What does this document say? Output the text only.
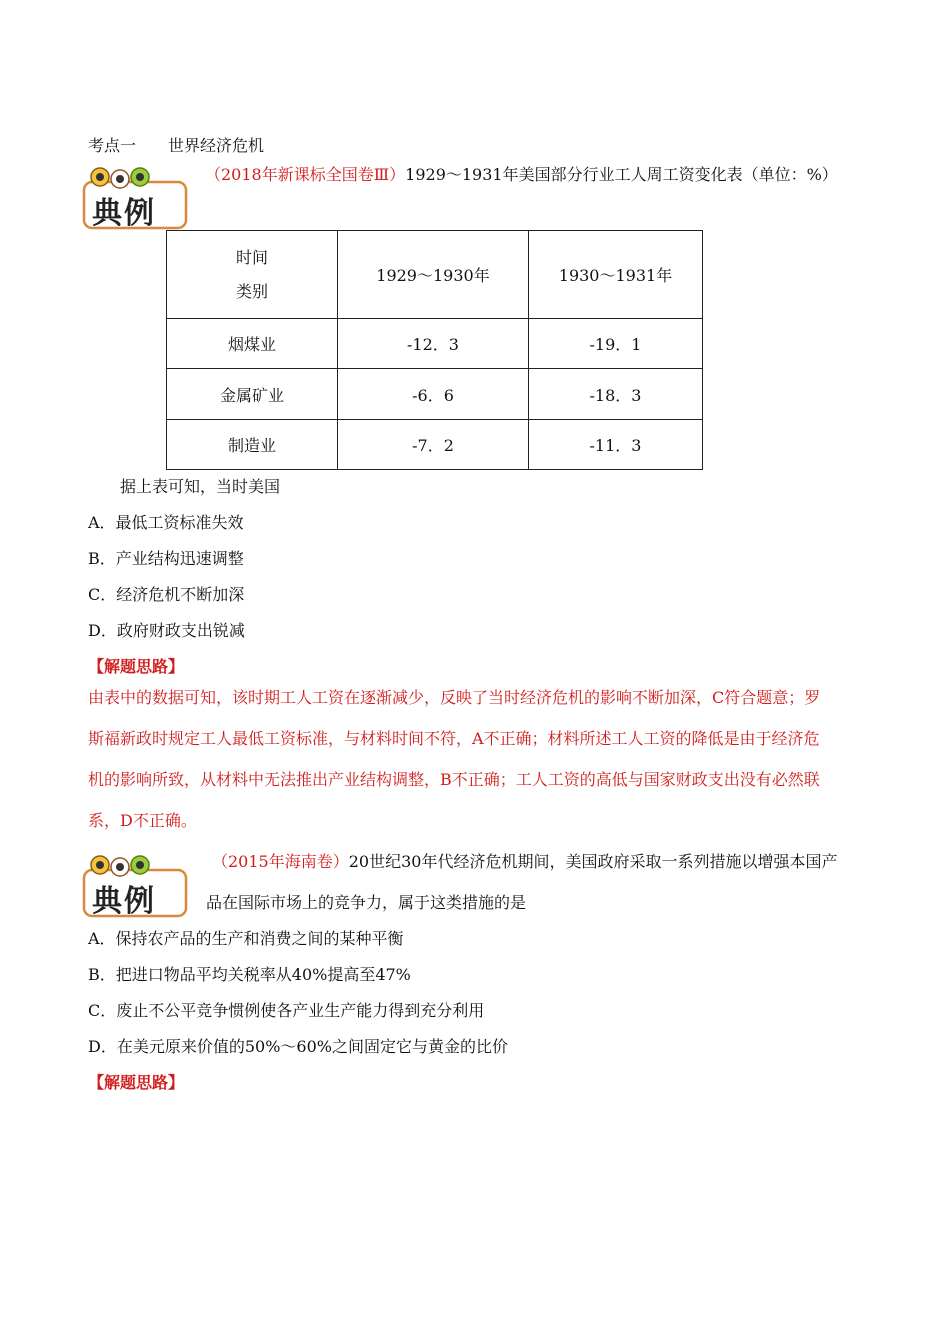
考点一　　世界经济危机
典例
（2018年新课标全国卷Ⅲ）1929～1931年美国部分行业工人周工资变化表（单位：%）
时间
类别	1929～1930年	1930～1931年
烟煤业	-12．3	-19．1
金属矿业	-6．6	-18．3
制造业	-7．2	-11．3
据上表可知，当时美国
A．最低工资标准失效
B．产业结构迅速调整
C．经济危机不断加深
D．政府财政支出锐减
【解题思路】
由表中的数据可知，该时期工人工资在逐渐减少，反映了当时经济危机的影响不断加深，C符合题意；罗
斯福新政时规定工人最低工资标准，与材料时间不符，A不正确；材料所述工人工资的降低是由于经济危
机的影响所致，从材料中无法推出产业结构调整，B不正确；工人工资的高低与国家财政支出没有必然联
系，D不正确。
典例
（2015年海南卷）20世纪30年代经济危机期间，美国政府采取一系列措施以增强本国产
品在国际市场上的竞争力，属于这类措施的是
A．保持农产品的生产和消费之间的某种平衡
B．把进口物品平均关税率从40%提高至47%
C．废止不公平竞争惯例使各产业生产能力得到充分利用
D．在美元原来价值的50%～60%之间固定它与黄金的比价
【解题思路】
